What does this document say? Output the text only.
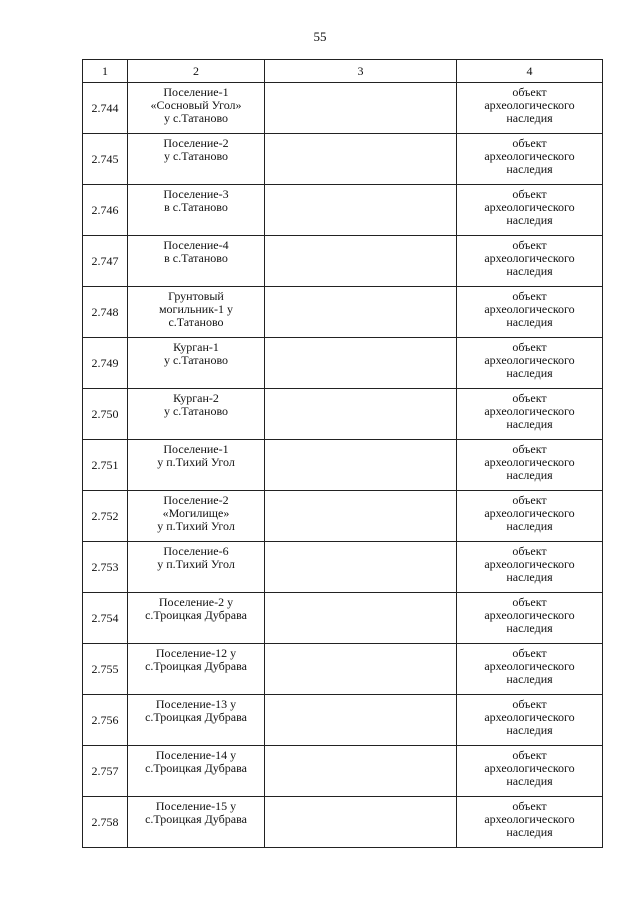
55
1	2	3	4

2.744	Поселение-1
«Сосновый Угол»
у с.Татаново		объект
археологического
наследия

2.745	Поселение-2
у с.Татаново		объект
археологического
наследия

2.746	Поселение-3
в с.Татаново		объект
археологического
наследия

2.747	Поселение-4
в с.Татаново		объект
археологического
наследия

2.748	Грунтовый
могильник-1 у
с.Татаново		объект
археологического
наследия

2.749	Курган-1
у с.Татаново		объект
археологического
наследия

2.750	Курган-2
у с.Татаново		объект
археологического
наследия

2.751	Поселение-1
у п.Тихий Угол		объект
археологического
наследия

2.752	Поселение-2
«Могилище»
у п.Тихий Угол		объект
археологического
наследия

2.753	Поселение-6
у п.Тихий Угол		объект
археологического
наследия

2.754	Поселение-2 у
с.Троицкая Дубрава		объект
археологического
наследия

2.755	Поселение-12 у
с.Троицкая Дубрава		объект
археологического
наследия

2.756	Поселение-13 у
с.Троицкая Дубрава		объект
археологического
наследия

2.757	Поселение-14 у
с.Троицкая Дубрава		объект
археологического
наследия

2.758	Поселение-15 у
с.Троицкая Дубрава		объект
археологического
наследия
